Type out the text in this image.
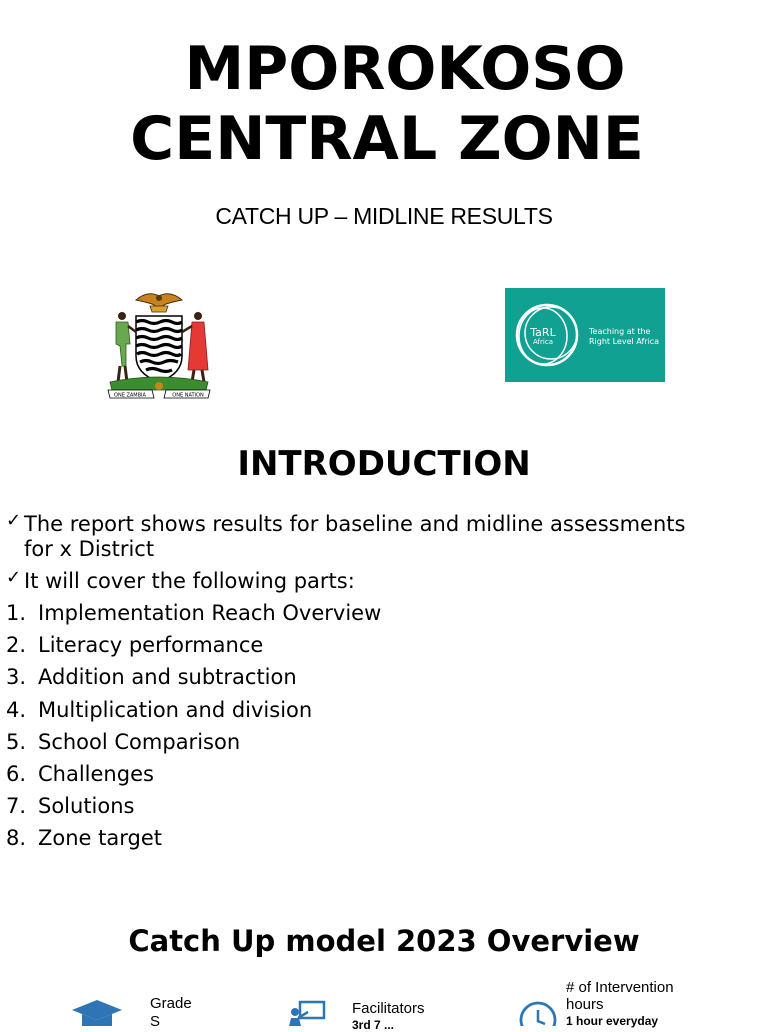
MPOROKOSO
CENTRAL ZONE
CATCH UP – MIDLINE RESULTS
ONE ZAMBIA	ONE NATION
TaRL
Africa
Teaching at the
Right Level Africa
INTRODUCTION
✓ The report shows results for baseline and midline assessments
for x District
✓ It will cover the following parts:
1. Implementation Reach Overview
2. Literacy performance
3. Addition and subtraction
4. Multiplication and division
5. School Comparison
6. Challenges
7. Solutions
8. Zone target
Catch Up model 2023 Overview
Grade
S
Facilitators
3rd 7 ...
# of Intervention
hours
1 hour everyday
